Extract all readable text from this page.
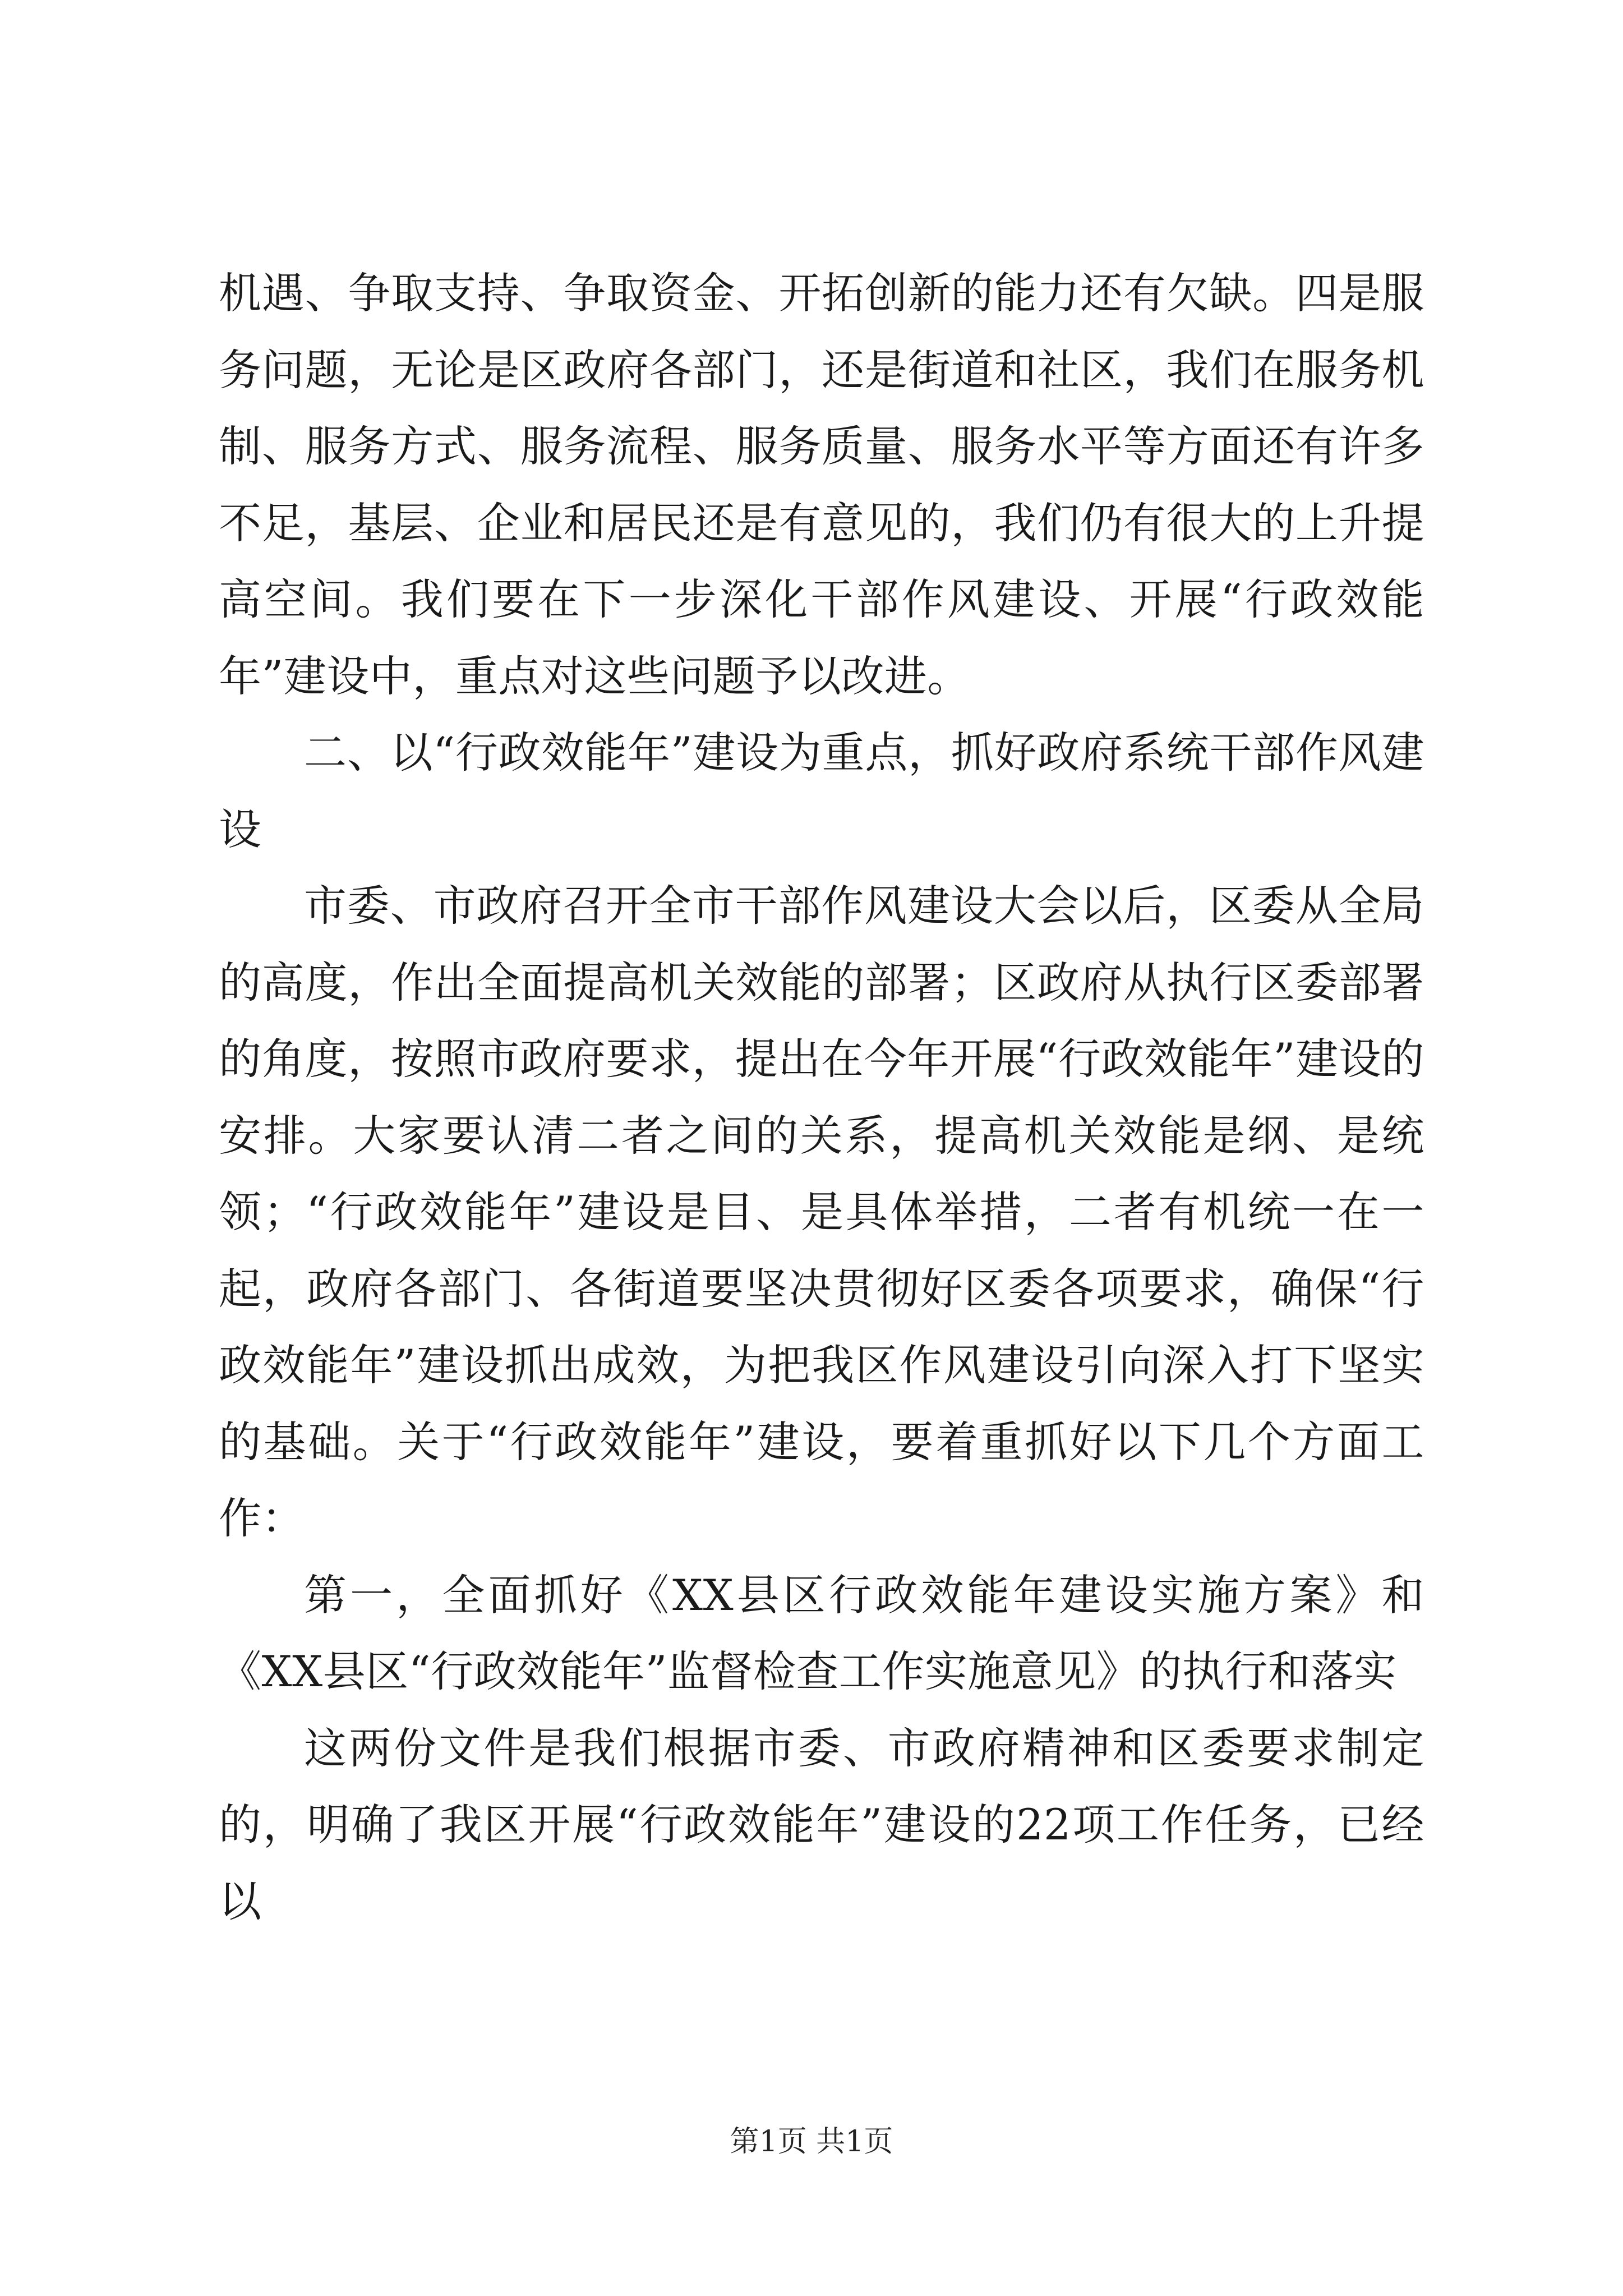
机遇、争取支持、争取资金、开拓创新的能力还有欠缺。四是服务问题，无论是区政府各部门，还是街道和社区，我们在服务机制、服务方式、服务流程、服务质量、服务水平等方面还有许多不足，基层、企业和居民还是有意见的，我们仍有很大的上升提高空间。我们要在下一步深化干部作风建设、开展“行政效能年”建设中，重点对这些问题予以改进。

二、以“行政效能年”建设为重点，抓好政府系统干部作风建设

市委、市政府召开全市干部作风建设大会以后，区委从全局的高度，作出全面提高机关效能的部署；区政府从执行区委部署的角度，按照市政府要求，提出在今年开展“行政效能年”建设的安排。大家要认清二者之间的关系，提高机关效能是纲、是统领；“行政效能年”建设是目、是具体举措，二者有机统一在一起，政府各部门、各街道要坚决贯彻好区委各项要求，确保“行政效能年”建设抓出成效，为把我区作风建设引向深入打下坚实的基础。关于“行政效能年”建设，要着重抓好以下几个方面工作：

第一，全面抓好《XX县区行政效能年建设实施方案》和《XX县区“行政效能年”监督检查工作实施意见》的执行和落实

这两份文件是我们根据市委、市政府精神和区委要求制定的，明确了我区开展“行政效能年”建设的22项工作任务，已经以

第1页 共1页
